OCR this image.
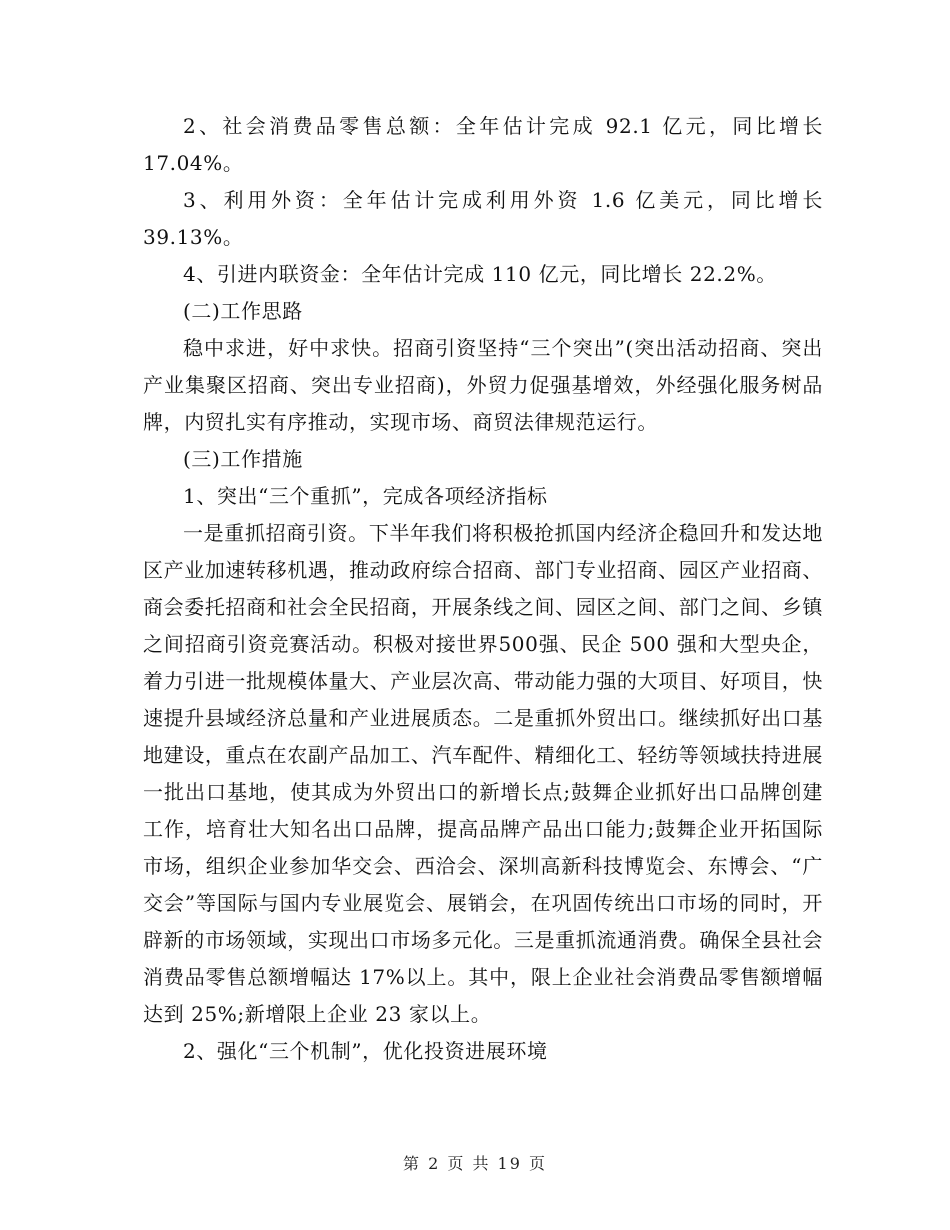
2、社会消费品零售总额：全年估计完成 92.1 亿元，同比增长17.04%。

3、利用外资：全年估计完成利用外资 1.6 亿美元，同比增长39.13%。

4、引进内联资金：全年估计完成 110 亿元，同比增长 22.2%。

(二)工作思路

稳中求进，好中求快。招商引资坚持“三个突出”(突出活动招商、突出产业集聚区招商、突出专业招商)，外贸力促强基增效，外经强化服务树品牌，内贸扎实有序推动，实现市场、商贸法律规范运行。

(三)工作措施

1、突出“三个重抓”，完成各项经济指标

一是重抓招商引资。下半年我们将积极抢抓国内经济企稳回升和发达地区产业加速转移机遇，推动政府综合招商、部门专业招商、园区产业招商、商会委托招商和社会全民招商，开展条线之间、园区之间、部门之间、乡镇之间招商引资竞赛活动。积极对接世界500强、民企 500 强和大型央企，着力引进一批规模体量大、产业层次高、带动能力强的大项目、好项目，快速提升县域经济总量和产业进展质态。二是重抓外贸出口。继续抓好出口基地建设，重点在农副产品加工、汽车配件、精细化工、轻纺等领域扶持进展一批出口基地，使其成为外贸出口的新增长点;鼓舞企业抓好出口品牌创建工作，培育壮大知名出口品牌，提高品牌产品出口能力;鼓舞企业开拓国际市场，组织企业参加华交会、西洽会、深圳高新科技博览会、东博会、“广交会”等国际与国内专业展览会、展销会，在巩固传统出口市场的同时，开辟新的市场领域，实现出口市场多元化。三是重抓流通消费。确保全县社会消费品零售总额增幅达 17%以上。其中，限上企业社会消费品零售额增幅达到 25%;新增限上企业 23 家以上。

2、强化“三个机制”，优化投资进展环境

第 2 页 共 19 页
